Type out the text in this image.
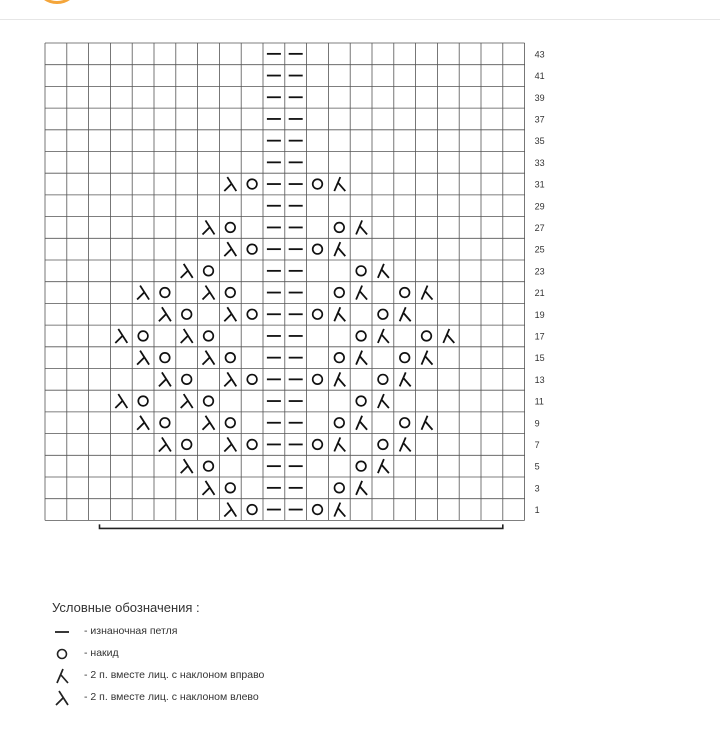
43
41
39
37
35
33
31
29
27
25
23
21
19
17
15
13
11
9
7
5
3
1
Условные обозначения :
- изнаночная петля
- накид
- 2 п. вместе лиц. с наклоном вправо
- 2 п. вместе лиц. с наклоном влево
